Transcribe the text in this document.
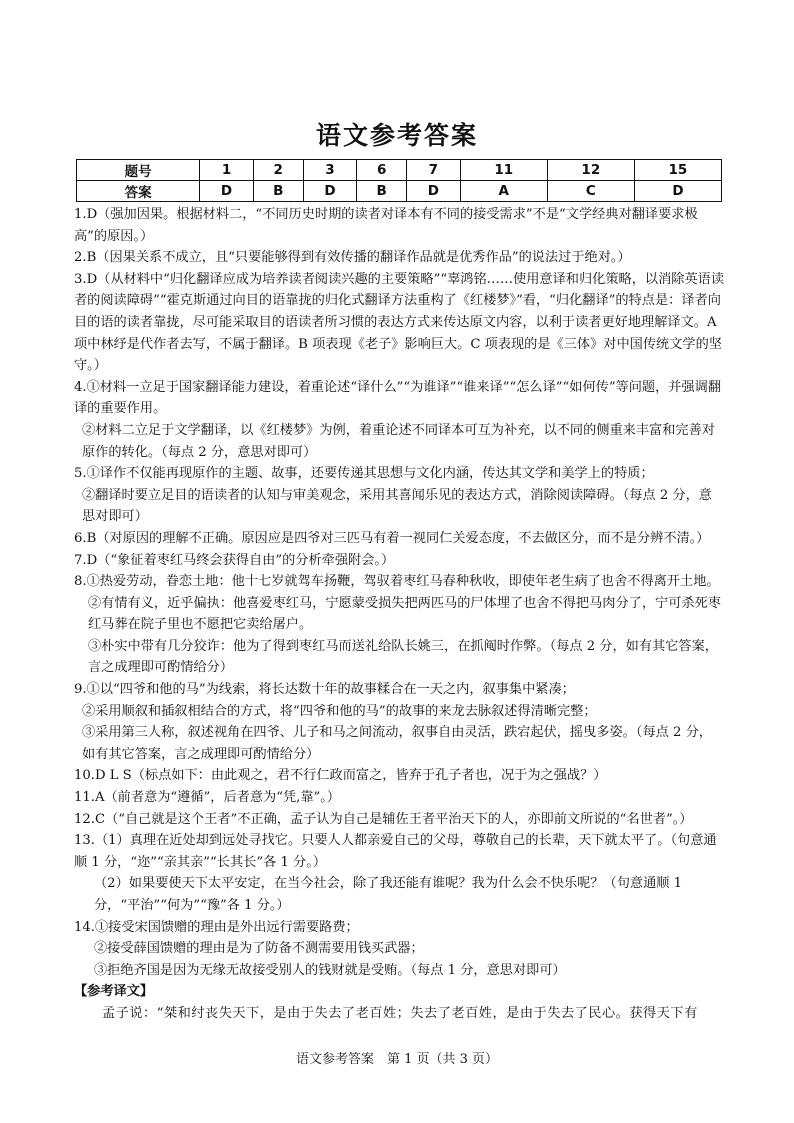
语文参考答案
题号	1	2	3	6	7	11	12	15
答案	D	B	D	B	D	A	C	D

1.D（强加因果。根据材料二，“不同历史时期的读者对译本有不同的接受需求”不是“文学经典对翻译要求极高”的原因。）

2.B（因果关系不成立，且“只要能够得到有效传播的翻译作品就是优秀作品”的说法过于绝对。）

3.D（从材料中“归化翻译应成为培养读者阅读兴趣的主要策略”“辜鸿铭……使用意译和归化策略，以消除英语读者的阅读障碍”“霍克斯通过向目的语靠拢的归化式翻译方法重构了《红楼梦》”看，“归化翻译”的特点是：译者向目的语的读者靠拢，尽可能采取目的语读者所习惯的表达方式来传达原文内容，以利于读者更好地理解译文。A 项中林纾是代作者去写，不属于翻译。B 项表现《老子》影响巨大。C 项表现的是《三体》对中国传统文学的坚守。）

4.①材料一立足于国家翻译能力建设，着重论述“译什么”“为谁译”“谁来译”“怎么译”“如何传”等问题，并强调翻译的重要作用。

②材料二立足于文学翻译，以《红楼梦》为例，着重论述不同译本可互为补充，以不同的侧重来丰富和完善对原作的转化。（每点 2 分，意思对即可）

5.①译作不仅能再现原作的主题、故事，还要传递其思想与文化内涵，传达其文学和美学上的特质；

②翻译时要立足目的语读者的认知与审美观念，采用其喜闻乐见的表达方式，消除阅读障碍。（每点 2 分，意思对即可）

6.B（对原因的理解不正确。原因应是四爷对三匹马有着一视同仁关爱态度，不去做区分，而不是分辨不清。）

7.D（“象征着枣红马终会获得自由”的分析牵强附会。）

8.①热爱劳动，眷恋土地：他十七岁就驾车扬鞭，驾驭着枣红马春种秋收，即使年老生病了也舍不得离开土地。

②有情有义，近乎偏执：他喜爱枣红马，宁愿蒙受损失把两匹马的尸体埋了也舍不得把马肉分了，宁可杀死枣红马葬在院子里也不愿把它卖给屠户。

③朴实中带有几分狡诈：他为了得到枣红马而送礼给队长姚三，在抓阄时作弊。（每点 2 分，如有其它答案，言之成理即可酌情给分）

9.①以“四爷和他的马”为线索，将长达数十年的故事糅合在一天之内，叙事集中紧凑；

②采用顺叙和插叙相结合的方式，将“四爷和他的马”的故事的来龙去脉叙述得清晰完整；

③采用第三人称，叙述视角在四爷、儿子和马之间流动，叙事自由灵活，跌宕起伏，摇曳多姿。（每点 2 分，如有其它答案，言之成理即可酌情给分）

10.D L S（标点如下：由此观之，君不行仁政而富之，皆弃于孔子者也，况于为之强战？）

11.A（前者意为“遵循”，后者意为“凭,靠”。）

12.C（“自己就是这个王者”不正确，孟子认为自己是辅佐王者平治天下的人，亦即前文所说的“名世者”。）

13.（1）真理在近处却到远处寻找它。只要人人都亲爱自己的父母，尊敬自己的长辈，天下就太平了。（句意通顺 1 分，“迩”“亲其亲”“长其长”各 1 分。）

（2）如果要使天下太平安定，在当今社会，除了我还能有谁呢？我为什么会不快乐呢？（句意通顺 1 分，“平治”“何为”“豫”各 1 分。）

14.①接受宋国馈赠的理由是外出远行需要路费；

②接受薛国馈赠的理由是为了防备不测需要用钱买武器；

③拒绝齐国是因为无缘无故接受别人的钱财就是受贿。（每点 1 分，意思对即可）

【参考译文】

孟子说：“桀和纣丧失天下，是由于失去了老百姓；失去了老百姓，是由于失去了民心。获得天下有

语文参考答案　第 1 页（共 3 页）
